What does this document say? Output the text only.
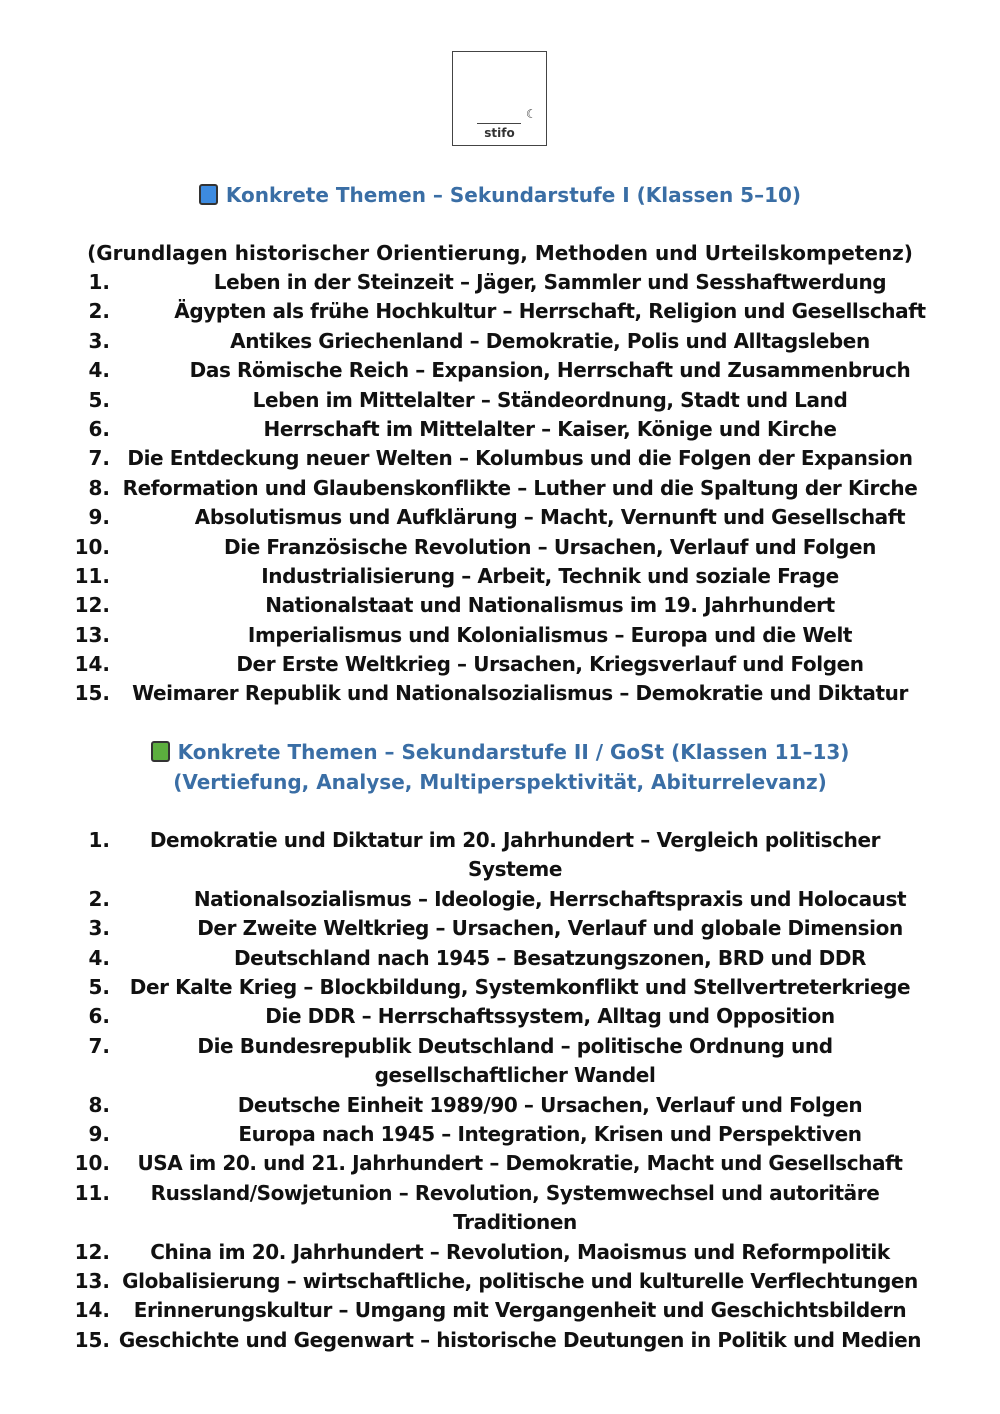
☾
stifo
Konkrete Themen – Sekundarstufe I (Klassen 5–10)
(Grundlagen historischer Orientierung, Methoden und Urteilskompetenz)
1.	Leben in der Steinzeit – Jäger, Sammler und Sesshaftwerdung
2.	Ägypten als frühe Hochkultur – Herrschaft, Religion und Gesellschaft
3.	Antikes Griechenland – Demokratie, Polis und Alltagsleben
4.	Das Römische Reich – Expansion, Herrschaft und Zusammenbruch
5.	Leben im Mittelalter – Ständeordnung, Stadt und Land
6.	Herrschaft im Mittelalter – Kaiser, Könige und Kirche
7. Die Entdeckung neuer Welten – Kolumbus und die Folgen der Expansion
8. Reformation und Glaubenskonflikte – Luther und die Spaltung der Kirche
9.	Absolutismus und Aufklärung – Macht, Vernunft und Gesellschaft
10.	Die Französische Revolution – Ursachen, Verlauf und Folgen
11.	Industrialisierung – Arbeit, Technik und soziale Frage
12.	Nationalstaat und Nationalismus im 19. Jahrhundert
13.	Imperialismus und Kolonialismus – Europa und die Welt
14.	Der Erste Weltkrieg – Ursachen, Kriegsverlauf und Folgen
15.	Weimarer Republik und Nationalsozialismus – Demokratie und Diktatur
Konkrete Themen – Sekundarstufe II / GoSt (Klassen 11–13)
(Vertiefung, Analyse, Multiperspektivität, Abiturrelevanz)
1.	Demokratie und Diktatur im 20. Jahrhundert – Vergleich politischer Systeme
2.	Nationalsozialismus – Ideologie, Herrschaftspraxis und Holocaust
3.	Der Zweite Weltkrieg – Ursachen, Verlauf und globale Dimension
4.	Deutschland nach 1945 – Besatzungszonen, BRD und DDR
5. Der Kalte Krieg – Blockbildung, Systemkonflikt und Stellvertreterkriege
6.	Die DDR – Herrschaftssystem, Alltag und Opposition
7.	Die Bundesrepublik Deutschland – politische Ordnung und gesellschaftlicher Wandel
8.	Deutsche Einheit 1989/90 – Ursachen, Verlauf und Folgen
9.	Europa nach 1945 – Integration, Krisen und Perspektiven
10.	USA im 20. und 21. Jahrhundert – Demokratie, Macht und Gesellschaft
11.	Russland/Sowjetunion – Revolution, Systemwechsel und autoritäre Traditionen
12.	China im 20. Jahrhundert – Revolution, Maoismus und Reformpolitik
13. Globalisierung – wirtschaftliche, politische und kulturelle Verflechtungen
14.	Erinnerungskultur – Umgang mit Vergangenheit und Geschichtsbildern
15. Geschichte und Gegenwart – historische Deutungen in Politik und Medien
